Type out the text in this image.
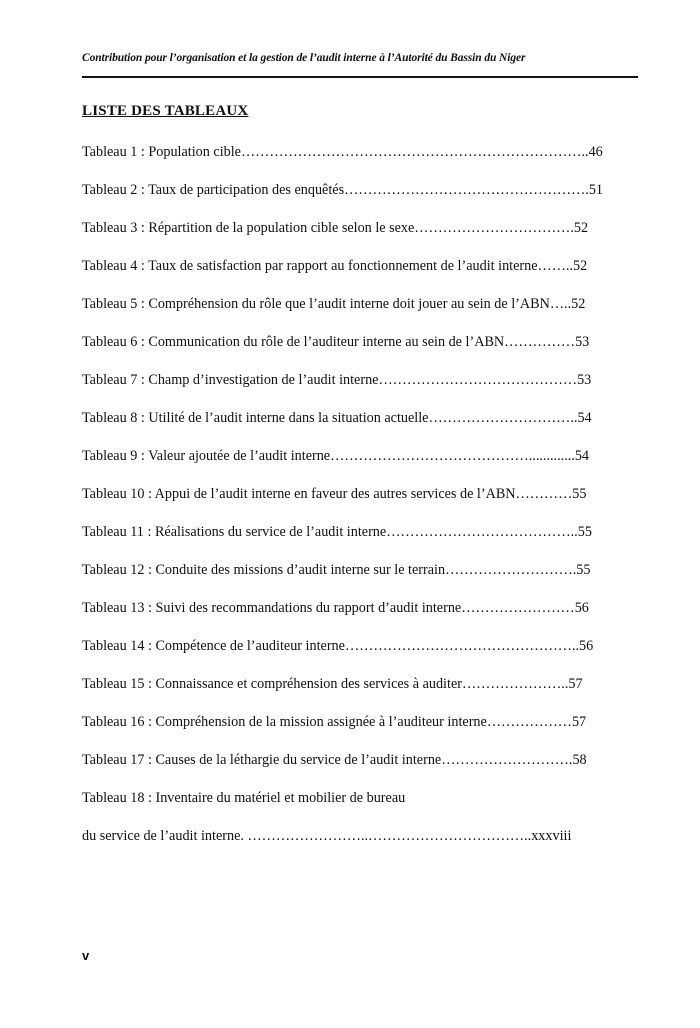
Contribution pour l’organisation et la gestion de l’audit interne à l’Autorité du Bassin du Niger
LISTE DES TABLEAUX
Tableau 1 : Population cible………………………………………………………………..46
Tableau 2 : Taux de participation des enquêtés…………………………………………….51
Tableau 3 : Répartition de la population cible selon le sexe…………………………….52
Tableau 4 : Taux de satisfaction par rapport au fonctionnement de l’audit interne……..52
Tableau 5 : Compréhension du rôle que l’audit interne doit jouer au sein de l’ABN…..52
Tableau 6 : Communication du rôle de l’auditeur interne au sein de l’ABN……………53
Tableau 7 : Champ d’investigation de l’audit interne……………………………………53
Tableau 8 : Utilité de l’audit interne dans la situation actuelle…………………………..54
Tableau 9 : Valeur ajoutée de l’audit interne…………………………………….............54
Tableau 10 : Appui de l’audit interne en faveur des autres services de l’ABN…………55
Tableau 11 : Réalisations du service de l’audit interne…………………………………..55
Tableau 12 : Conduite des missions d’audit interne sur le terrain……………………….55
Tableau 13 : Suivi des recommandations du rapport d’audit interne……………………56
Tableau 14 : Compétence de l’auditeur interne…………………………………………..56
Tableau 15 : Connaissance et compréhension des services à auditer…………………..57
Tableau 16 : Compréhension de la mission assignée à l’auditeur interne………………57
Tableau 17 : Causes de la léthargie du service de l’audit interne……………………….58
Tableau 18 : Inventaire du matériel et mobilier de bureau
du service de l’audit interne. ……………………..……………………………..xxxviii
v
